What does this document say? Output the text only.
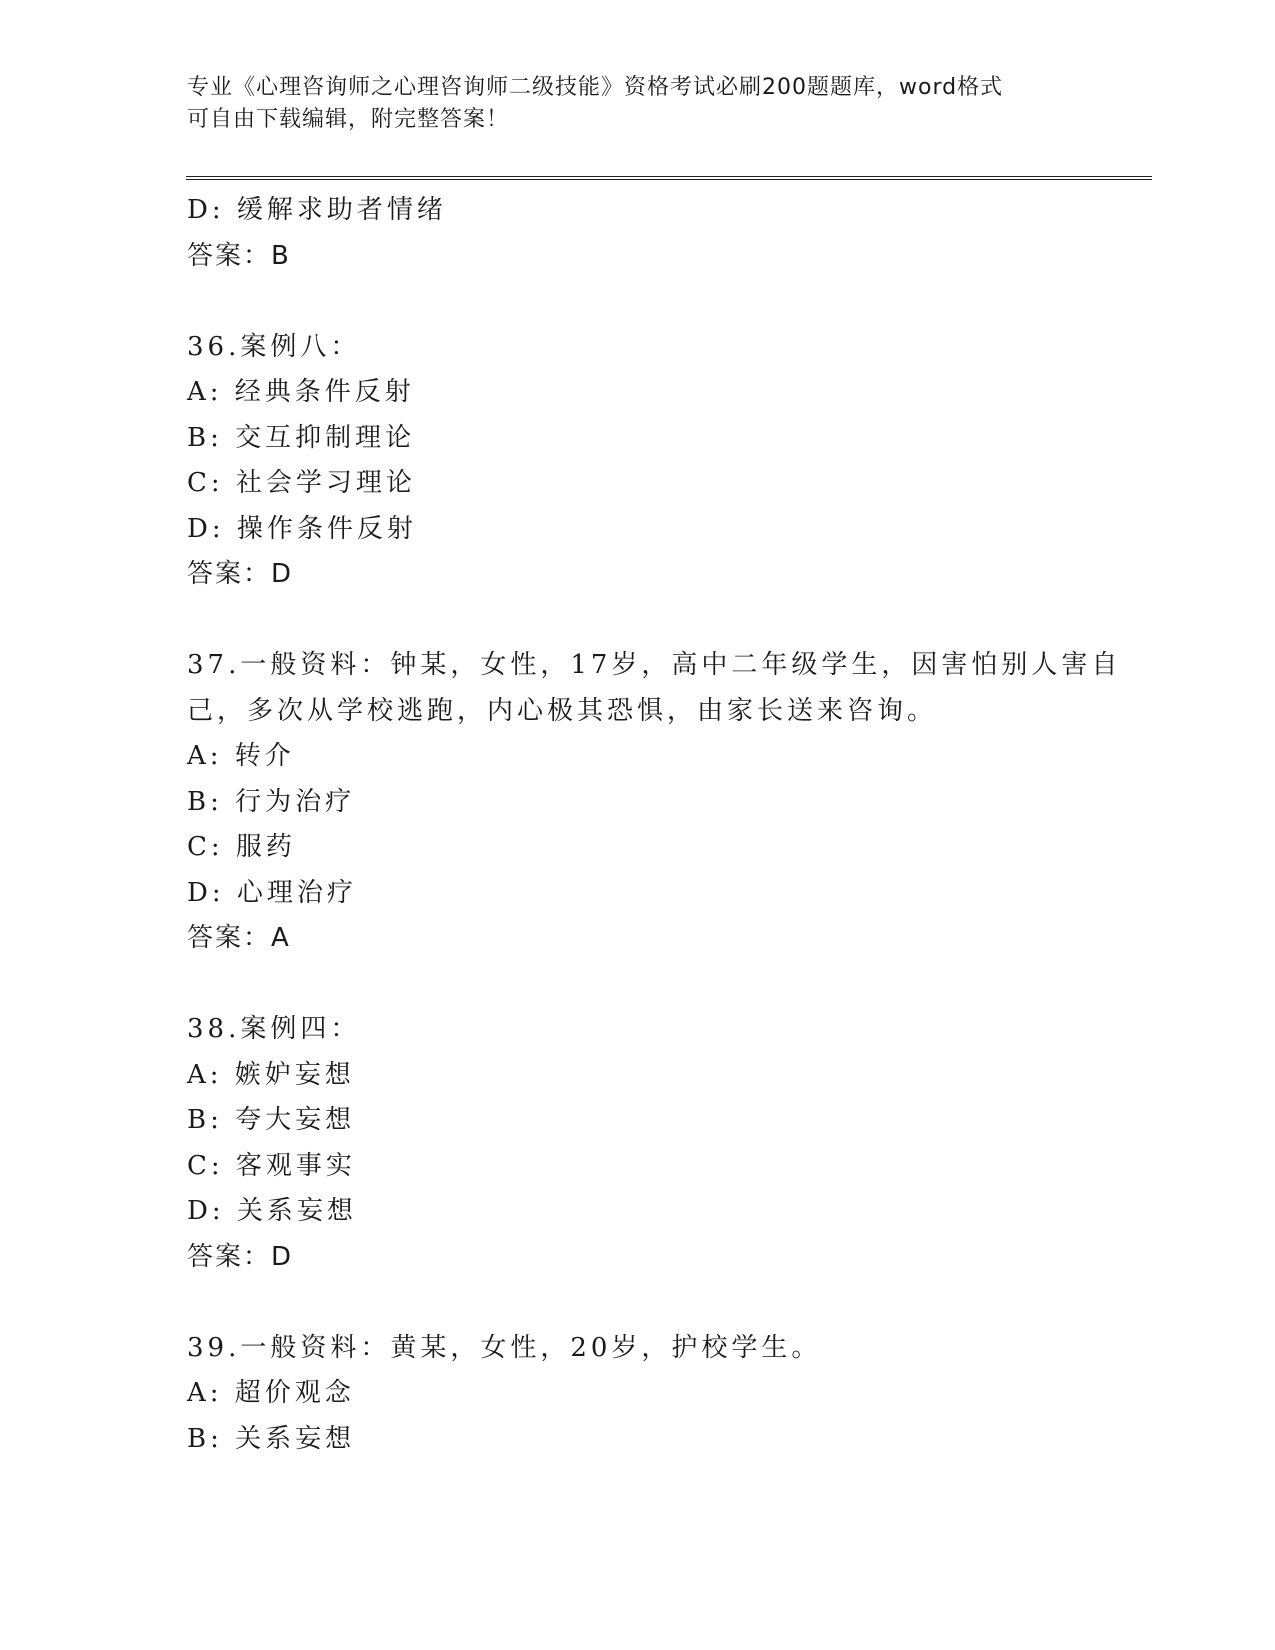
专业《心理咨询师之心理咨询师二级技能》资格考试必刷200题题库，word格式
可自由下载编辑，附完整答案！
D: 缓解求助者情绪
答案：B
36.案例八：
A: 经典条件反射
B: 交互抑制理论
C: 社会学习理论
D: 操作条件反射
答案：D
37.一般资料：钟某，女性，17岁，高中二年级学生，因害怕别人害自
己，多次从学校逃跑，内心极其恐惧，由家长送来咨询。
A: 转介
B: 行为治疗
C: 服药
D: 心理治疗
答案：A
38.案例四：
A: 嫉妒妄想
B: 夸大妄想
C: 客观事实
D: 关系妄想
答案：D
39.一般资料：黄某，女性，20岁，护校学生。
A: 超价观念
B: 关系妄想
